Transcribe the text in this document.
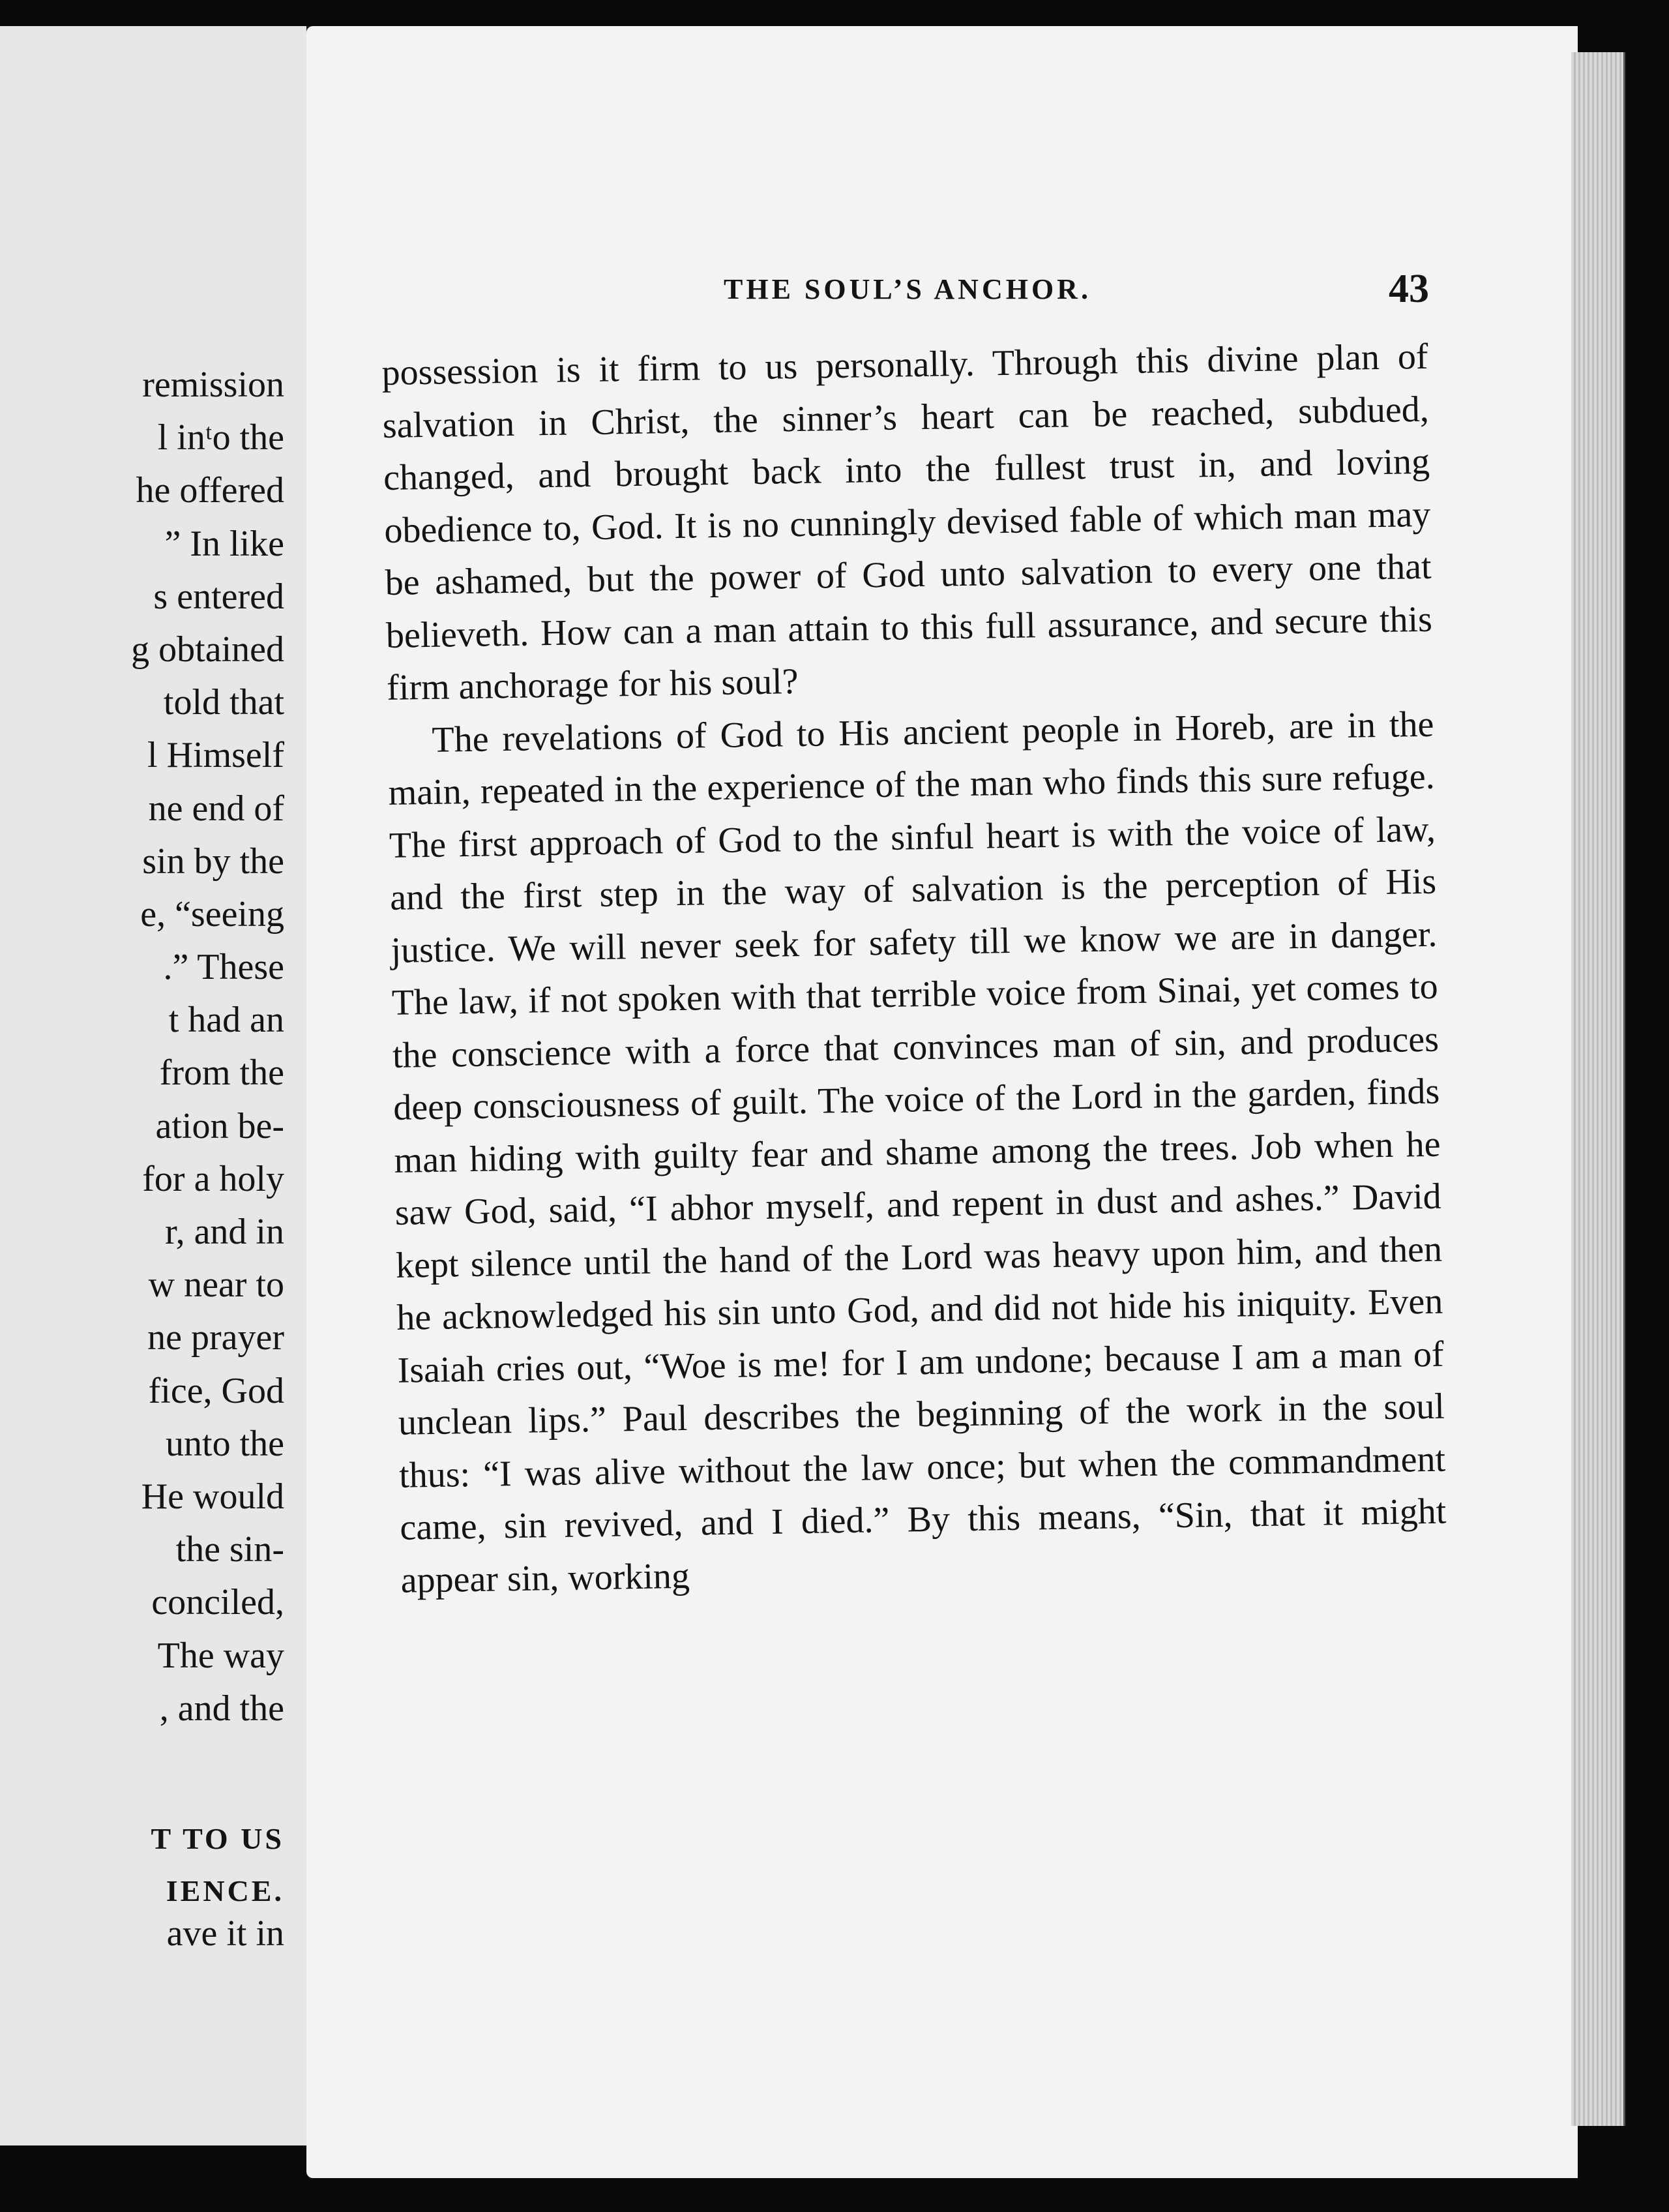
remission
l inᵗo the
he offered
” In like
s entered
g obtained
told that
l Himself
ne end of
sin by the
e, “seeing
.” These
t had an
from the
ation be-
for a holy
r, and in
w near to
ne prayer
fice, God
unto the
He would
the sin-
conciled,
The way
, and the
T TO US
IENCE.
ave it in
THE SOUL’S ANCHOR.	43

possession is it firm to us personally. Through this divine plan of salvation in Christ, the sinner’s heart can be reached, subdued, changed, and brought back into the fullest trust in, and loving obedience to, God. It is no cunningly devised fable of which man may be ashamed, but the power of God unto salvation to every one that believeth. How can a man attain to this full assurance, and secure this firm anchorage for his soul?

The revelations of God to His ancient people in Horeb, are in the main, repeated in the experience of the man who finds this sure refuge. The first approach of God to the sinful heart is with the voice of law, and the first step in the way of salvation is the perception of His justice. We will never seek for safety till we know we are in danger. The law, if not spoken with that terrible voice from Sinai, yet comes to the conscience with a force that convinces man of sin, and produces deep consciousness of guilt. The voice of the Lord in the garden, finds man hiding with guilty fear and shame among the trees. Job when he saw God, said, “I abhor myself, and repent in dust and ashes.” David kept silence until the hand of the Lord was heavy upon him, and then he acknowledged his sin unto God, and did not hide his iniquity. Even Isaiah cries out, “Woe is me! for I am undone; because I am a man of unclean lips.” Paul describes the beginning of the work in the soul thus: “I was alive without the law once; but when the commandment came, sin revived, and I died.” By this means, “Sin, that it might appear sin, working
